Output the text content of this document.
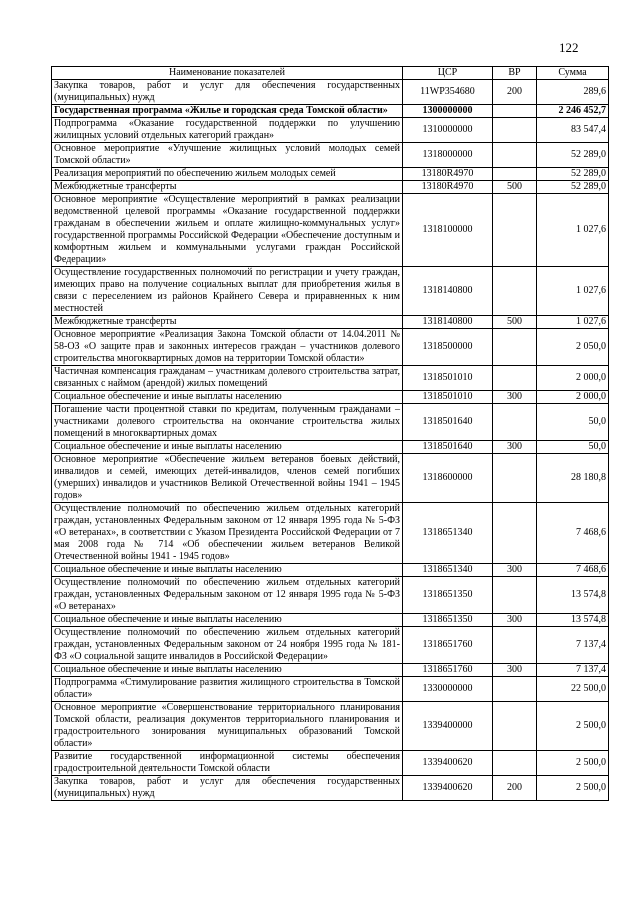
122
Наименование показателей	ЦСР	ВР	Сумма
Закупка товаров, работ и услуг для обеспечения государственных (муниципальных) нужд	11WP354680	200	289,6
Государственная программа «Жилье и городская среда Томской области»	1300000000		2 246 452,7
Подпрограмма «Оказание государственной поддержки по улучшению жилищных условий отдельных категорий граждан»	1310000000		83 547,4
Основное мероприятие «Улучшение жилищных условий молодых семей Томской области»	1318000000		52 289,0
Реализация мероприятий по обеспечению жильем молодых семей	13180R4970		52 289,0
Межбюджетные трансферты	13180R4970	500	52 289,0
Основное мероприятие «Осуществление мероприятий в рамках реализации ведомственной целевой программы «Оказание государственной поддержки гражданам в обеспечении жильем и оплате жилищно-коммунальных услуг» государственной программы Российской Федерации «Обеспечение доступным и комфортным жильем и коммунальными услугами граждан Российской Федерации»	1318100000		1 027,6
Осуществление государственных полномочий по регистрации и учету граждан, имеющих право на получение социальных выплат для приобретения жилья в связи с переселением из районов Крайнего Севера и приравненных к ним местностей	1318140800		1 027,6
Межбюджетные трансферты	1318140800	500	1 027,6
Основное мероприятие «Реализация Закона Томской области от 14.04.2011 № 58-ОЗ «О защите прав и законных интересов граждан – участников долевого строительства многоквартирных домов на территории Томской области»	1318500000		2 050,0
Частичная компенсация гражданам – участникам долевого строительства затрат, связанных с наймом (арендой) жилых помещений	1318501010		2 000,0
Социальное обеспечение и иные выплаты населению	1318501010	300	2 000,0
Погашение части процентной ставки по кредитам, полученным гражданами – участниками долевого строительства на окончание строительства жилых помещений в многоквартирных домах	1318501640		50,0
Социальное обеспечение и иные выплаты населению	1318501640	300	50,0
Основное мероприятие «Обеспечение жильем ветеранов боевых действий, инвалидов и семей, имеющих детей-инвалидов, членов семей погибших (умерших) инвалидов и участников Великой Отечественной войны 1941 – 1945 годов»	1318600000		28 180,8
Осуществление полномочий по обеспечению жильем отдельных категорий граждан, установленных Федеральным законом от 12 января 1995 года № 5-ФЗ «О ветеранах», в соответствии с Указом Президента Российской Федерации от 7 мая 2008 года № 714 «Об обеспечении жильем ветеранов Великой Отечественной войны 1941 - 1945 годов»	1318651340		7 468,6
Социальное обеспечение и иные выплаты населению	1318651340	300	7 468,6
Осуществление полномочий по обеспечению жильем отдельных категорий граждан, установленных Федеральным законом от 12 января 1995 года № 5-ФЗ «О ветеранах»	1318651350		13 574,8
Социальное обеспечение и иные выплаты населению	1318651350	300	13 574,8
Осуществление полномочий по обеспечению жильем отдельных категорий граждан, установленных Федеральным законом от 24 ноября 1995 года № 181-ФЗ «О социальной защите инвалидов в Российской Федерации»	1318651760		7 137,4
Социальное обеспечение и иные выплаты населению	1318651760	300	7 137,4
Подпрограмма «Стимулирование развития жилищного строительства в Томской области»	1330000000		22 500,0
Основное мероприятие «Совершенствование территориального планирования Томской области, реализация документов территориального планирования и градостроительного зонирования муниципальных образований Томской области»	1339400000		2 500,0
Развитие государственной информационной системы обеспечения градостроительной деятельности Томской области	1339400620		2 500,0
Закупка товаров, работ и услуг для обеспечения государственных (муниципальных) нужд	1339400620	200	2 500,0
